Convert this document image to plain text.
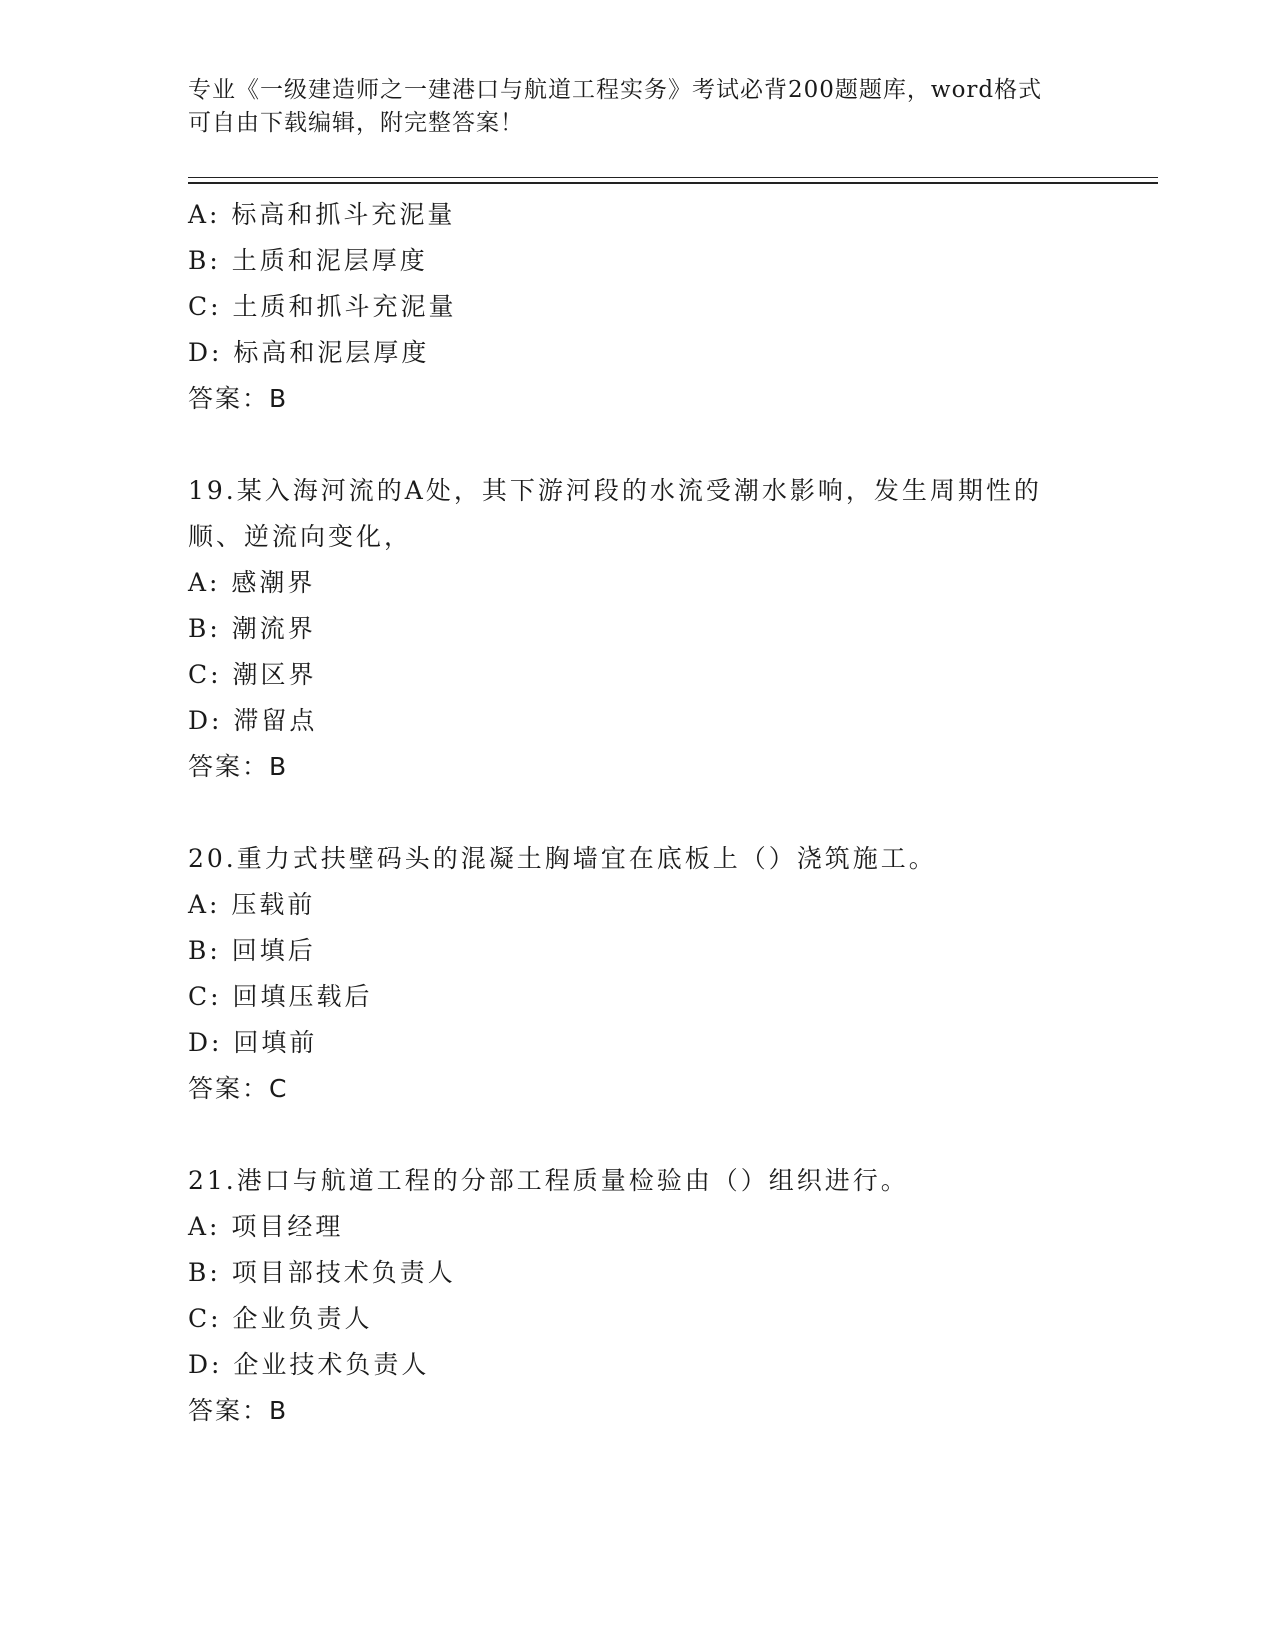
专业《一级建造师之一建港口与航道工程实务》考试必背200题题库，word格式
可自由下载编辑，附完整答案！
A: 标高和抓斗充泥量
B: 土质和泥层厚度
C: 土质和抓斗充泥量
D: 标高和泥层厚度
答案：B
19.某入海河流的A处，其下游河段的水流受潮水影响，发生周期性的
顺、逆流向变化，
A: 感潮界
B: 潮流界
C: 潮区界
D: 滞留点
答案：B
20.重力式扶壁码头的混凝土胸墙宜在底板上（）浇筑施工。
A: 压载前
B: 回填后
C: 回填压载后
D: 回填前
答案：C
21.港口与航道工程的分部工程质量检验由（）组织进行。
A: 项目经理
B: 项目部技术负责人
C: 企业负责人
D: 企业技术负责人
答案：B
